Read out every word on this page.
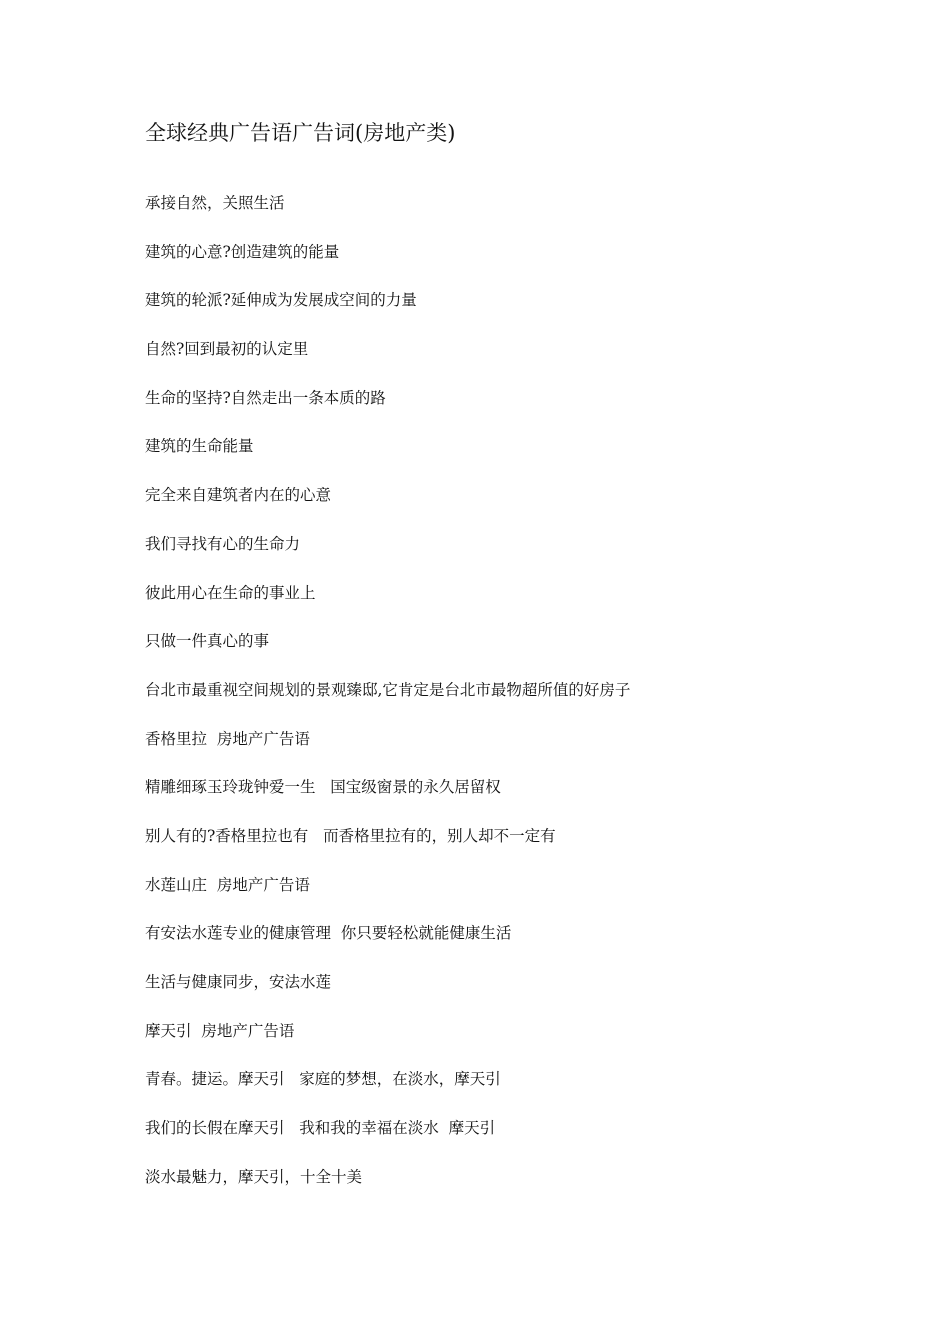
全球经典广告语广告词(房地产类)
承接自然，关照生活
建筑的心意?创造建筑的能量
建筑的轮派?延伸成为发展成空间的力量
自然?回到最初的认定里
生命的坚持?自然走出一条本质的路
建筑的生命能量
完全来自建筑者内在的心意
我们寻找有心的生命力
彼此用心在生命的事业上
只做一件真心的事
台北市最重视空间规划的景观臻邸,它肯定是台北市最物超所值的好房子
香格里拉  房地产广告语
精雕细琢玉玲珑钟爱一生   国宝级窗景的永久居留权
别人有的?香格里拉也有   而香格里拉有的，别人却不一定有
水莲山庄  房地产广告语
有安法水莲专业的健康管理  你只要轻松就能健康生活
生活与健康同步，安法水莲
摩天引  房地产广告语
青春。捷运。摩天引   家庭的梦想，在淡水，摩天引
我们的长假在摩天引   我和我的幸福在淡水  摩天引
淡水最魅力，摩天引，十全十美
